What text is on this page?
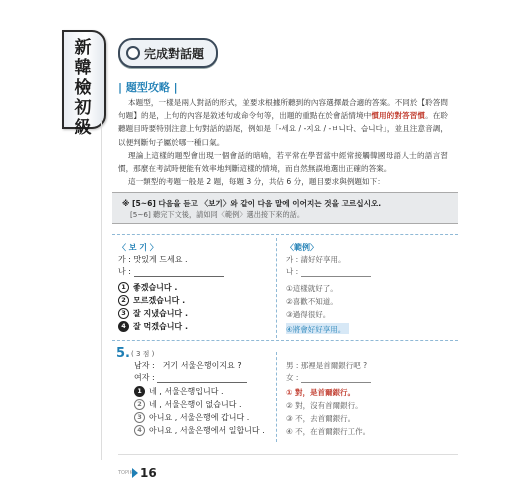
新韓檢初級
完成對話題
| 題型攻略 |

本題型，一樣是兩人對話的形式，並要求根據所聽到的內容選擇最合適的答案。不同於【聆答問句題】的是，上句的內容是敘述句或命令句等，出題的重點在於會話情境中慣用的對答習慣。在聆聽題目時要特別注意上句對話的語尾，例如是「-세요 / -지요 / -ㅂ니다、습니다」，並且注意音調，以便判斷句子屬於哪一種口氣。

理論上這樣的題型會出現一個會話的暗喻，若平常在學習當中經常接觸韓國母語人士的語言習慣，那麼在考試時便能有效率地判斷這樣的情境，而自然無誤地選出正確的答案。

這一類型的考題一般是 2 題，每題 3 分，共佔 6 分，題目要求與例題如下：

※ [5~6] 다음을 듣고 〈보기〉와 같이 다음 말에 이어지는 것을 고르십시오.
[5~6] 聽完下文後，請如同〈範例〉選出接下來的話。
〈 보 기 〉
가 : 맛있게 드세요 .
나 :
1 좋겠습니다 .
2 모르겠습니다 .
3 잘 지냈습니다 .
4 잘 먹겠습니다 .
〈範例〉
가 : 請好好享用。
나 :
①這樣就好了。
②喜歡不知道。
③過得很好。
④將會好好享用。
5. ( 3 점 )
남자 :　거기 서울은행이지요 ?
여자 :
1 네 , 서울은행입니다 .
2 네 , 서울은행이 없습니다 .
3 아니요 , 서울은행에 갑니다 .
4 아니요 , 서울은행에서 일합니다 .
男 : 那裡是首爾銀行吧 ?
女 :
① 對，是首爾銀行。
② 對，沒有首爾銀行。
③ 不，去首爾銀行。
④ 不，在首爾銀行工作。
TOPIK 16
